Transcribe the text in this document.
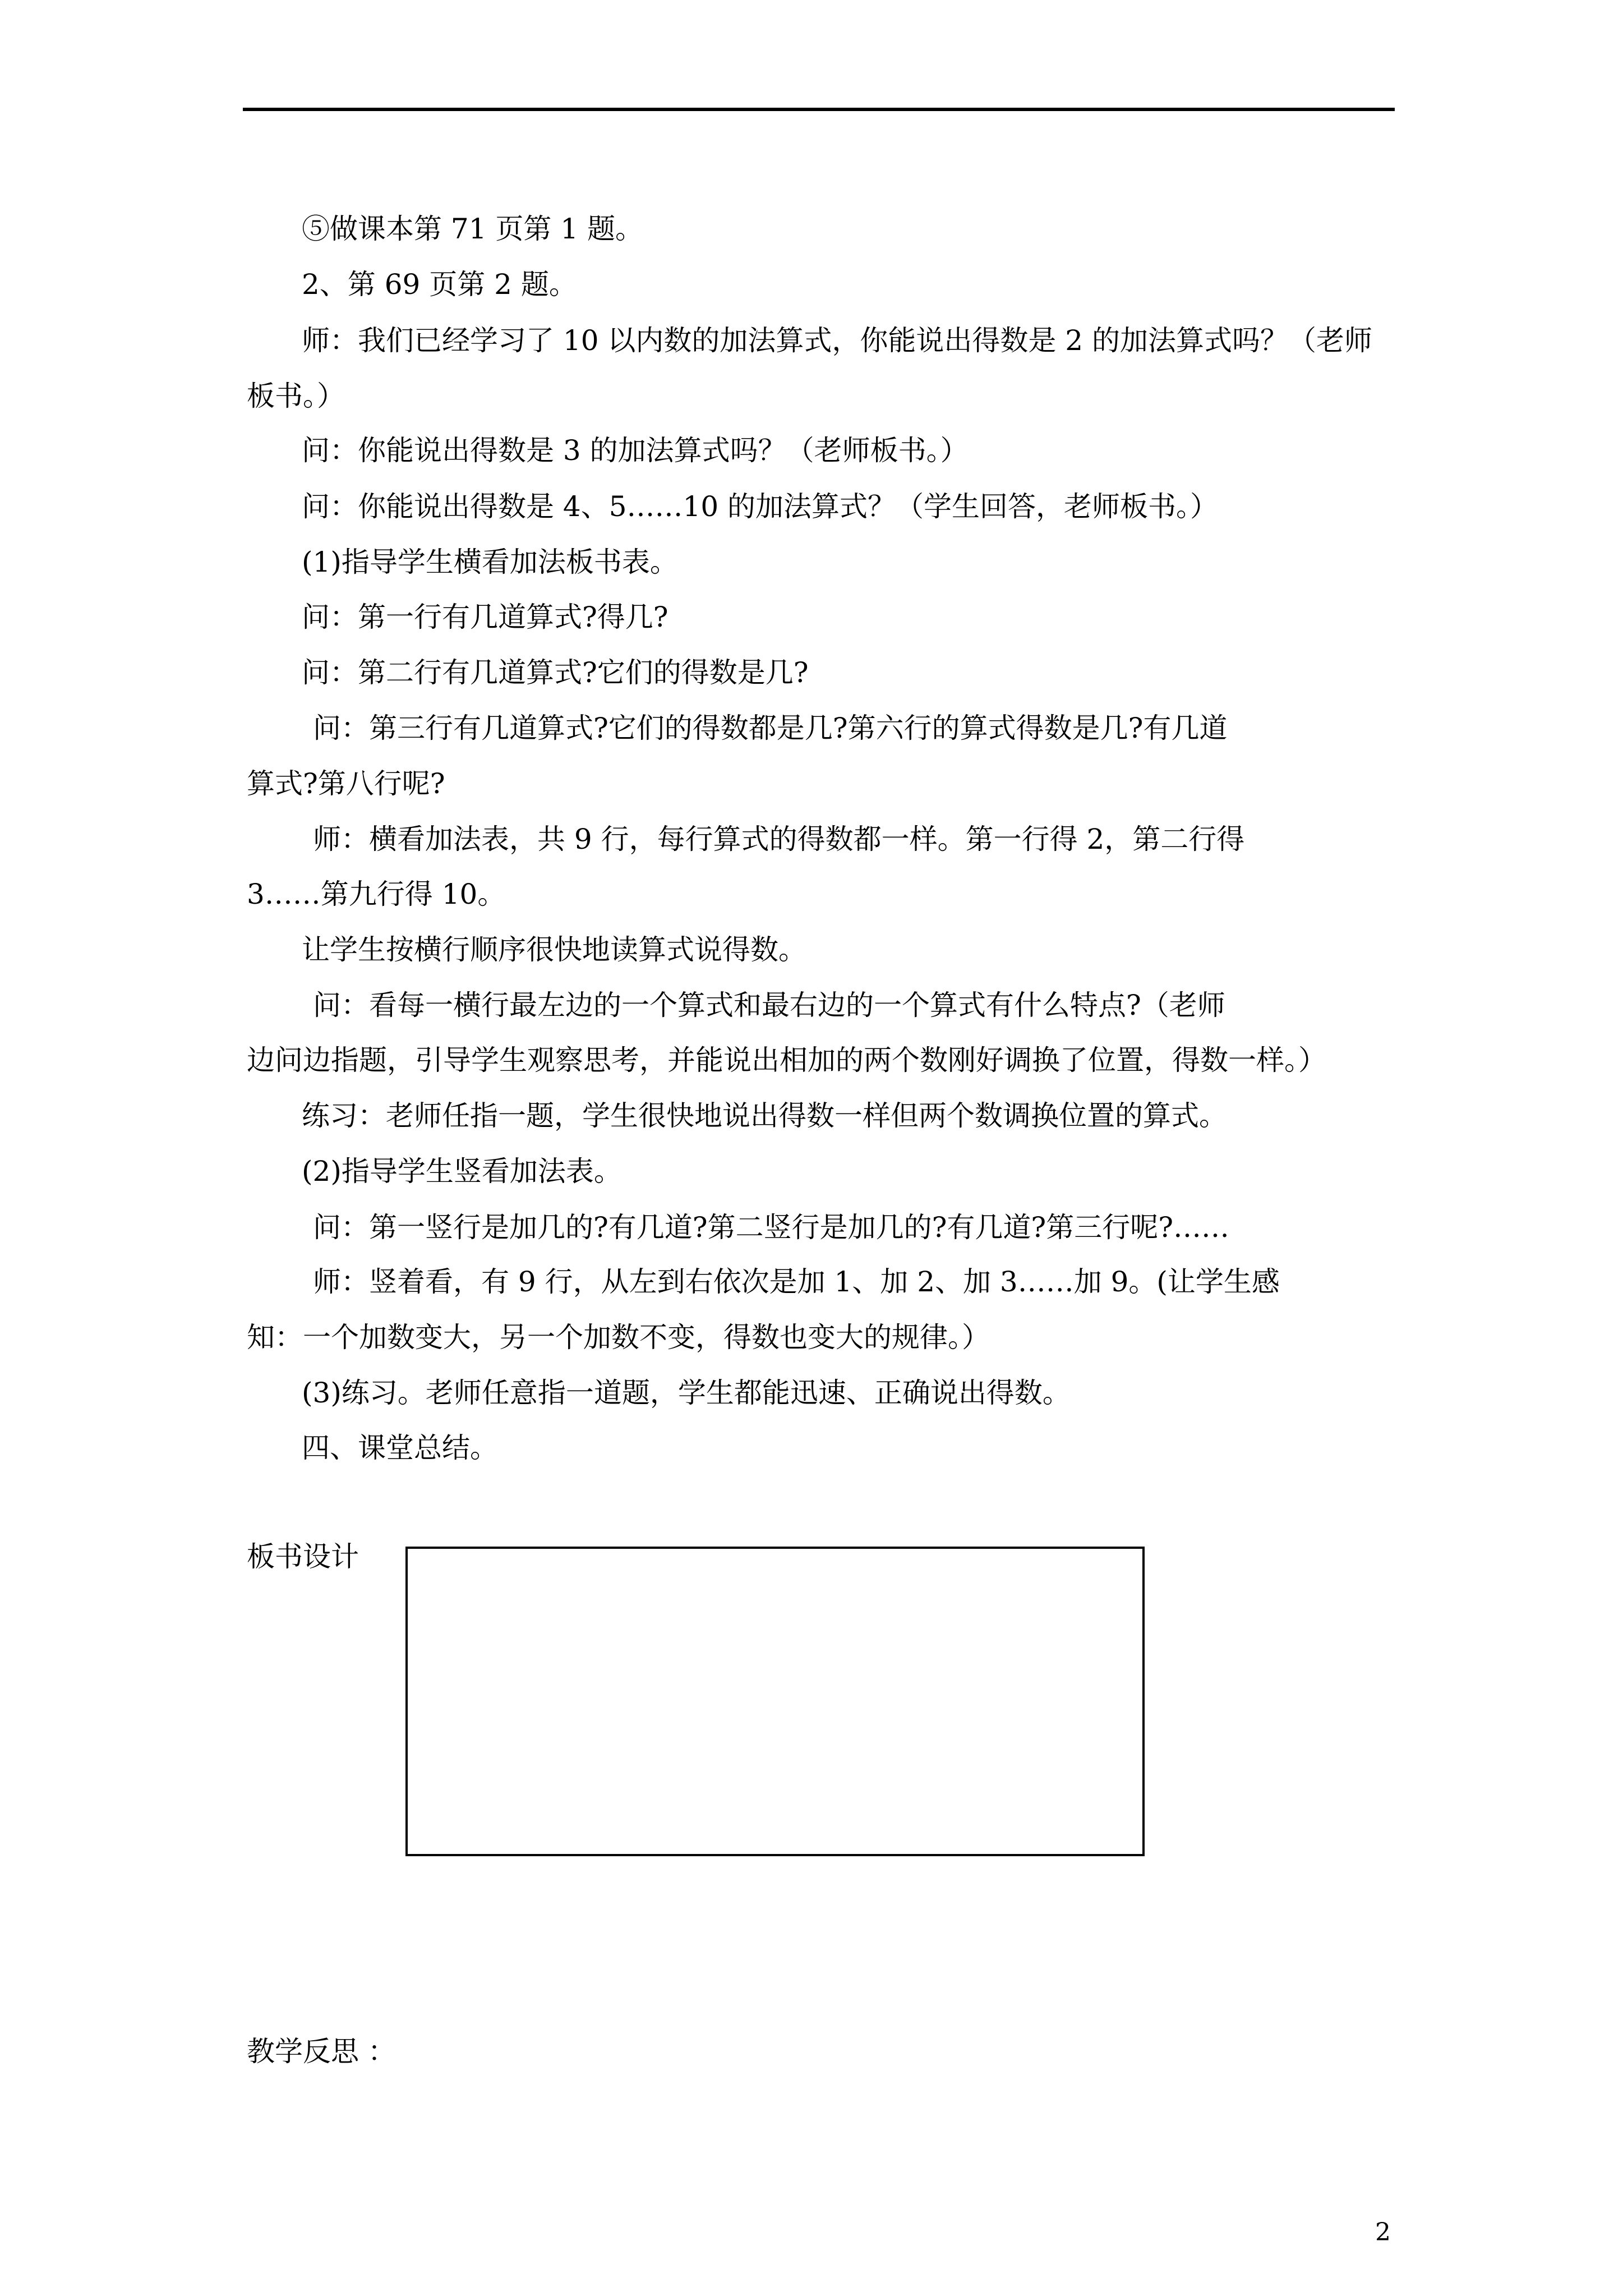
⑤做课本第 71 页第 1 题。
2、第 69 页第 2 题。
师：我们已经学习了 10 以内数的加法算式，你能说出得数是 2 的加法算式吗？（老师
板书。）
问：你能说出得数是 3 的加法算式吗？（老师板书。）
问：你能说出得数是 4、5……10 的加法算式？（学生回答，老师板书。）
(1)指导学生横看加法板书表。
问：第一行有几道算式?得几?
问：第二行有几道算式?它们的得数是几?
问：第三行有几道算式?它们的得数都是几?第六行的算式得数是几?有几道
算式?第八行呢?
师：横看加法表，共 9 行，每行算式的得数都一样。第一行得 2，第二行得
3……第九行得 10。
让学生按横行顺序很快地读算式说得数。
问：看每一横行最左边的一个算式和最右边的一个算式有什么特点?（老师
边问边指题，引导学生观察思考，并能说出相加的两个数刚好调换了位置，得数一样。）
练习：老师任指一题，学生很快地说出得数一样但两个数调换位置的算式。
(2)指导学生竖看加法表。
问：第一竖行是加几的?有几道?第二竖行是加几的?有几道?第三行呢?……
师：竖着看，有 9 行，从左到右依次是加 1、加 2、加 3……加 9。(让学生感
知：一个加数变大，另一个加数不变，得数也变大的规律。）
(3)练习。老师任意指一道题，学生都能迅速、正确说出得数。
四、课堂总结。
板书设计
教学反思 ：
2
